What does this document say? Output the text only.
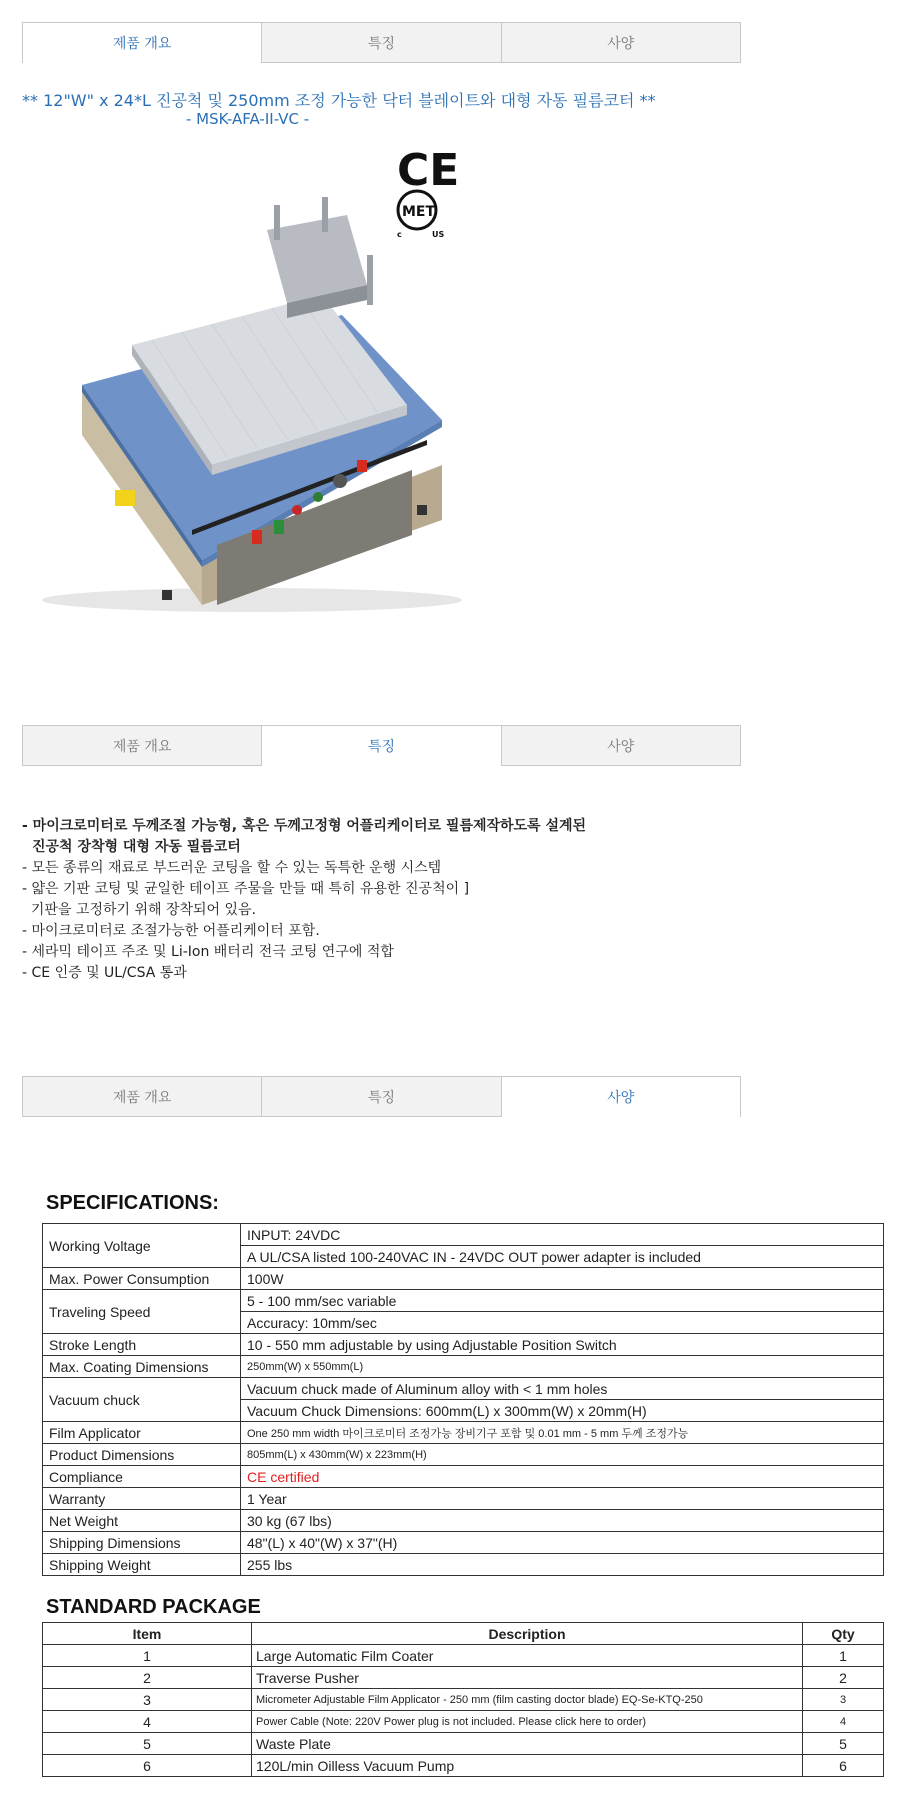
제품 개요	특징	사양
** 12"W" x 24*L 진공척 및 250mm 조정 가능한 닥터 블레이트와 대형 자동 필름코터 **
- MSK-AFA-II-VC -
CE
MET
c	US
제품 개요	특징	사양
- 마이크로미터로 두께조절 가능형, 혹은 두께고정형 어플리케이터로 필름제작하도록 설계된
진공척 장착형 대형 자동 필름코터
- 모든 종류의 재료로 부드러운 코팅을 할 수 있는 독특한 운행 시스템
- 얇은 기판 코팅 및 균일한 테이프 주물을 만들 때 특히 유용한 진공척이 ]
기판을 고정하기 위해 장착되어 있음.
- 마이크로미터로 조절가능한 어플리케이터 포함.
- 세라믹 테이프 주조 및 Li-Ion 배터리 전극 코팅 연구에 적합
- CE 인증 및 UL/CSA 통과
제품 개요	특징	사양
SPECIFICATIONS:
Working Voltage	INPUT: 24VDC
	A UL/CSA listed 100-240VAC IN - 24VDC OUT power adapter is included
Max. Power Consumption	100W
Traveling Speed	5 - 100 mm/sec variable
	Accuracy: 10mm/sec
Stroke Length	10 - 550 mm adjustable by using Adjustable Position Switch
Max. Coating Dimensions	250mm(W) x 550mm(L)
Vacuum chuck	Vacuum chuck made of Aluminum alloy with < 1 mm holes
	Vacuum Chuck Dimensions: 600mm(L) x 300mm(W) x 20mm(H)
Film Applicator	One 250 mm width 마이크로미터 조정가능 장비기구 포함 및 0.01 mm - 5 mm 두께 조정가능
Product Dimensions	805mm(L) x 430mm(W) x 223mm(H)
Compliance	CE certified
Warranty	1 Year
Net Weight	30 kg (67 lbs)
Shipping Dimensions	48"(L) x 40"(W) x 37"(H)
Shipping Weight	255 lbs
STANDARD PACKAGE
Item	Description	Qty
1	Large Automatic Film Coater	1
2	Traverse Pusher	2
3	Micrometer Adjustable Film Applicator - 250 mm (film casting doctor blade) EQ-Se-KTQ-250	3
4	Power Cable (Note: 220V Power plug is not included. Please click here to order)	4
5	Waste Plate	5
6	120L/min Oilless Vacuum Pump	6
